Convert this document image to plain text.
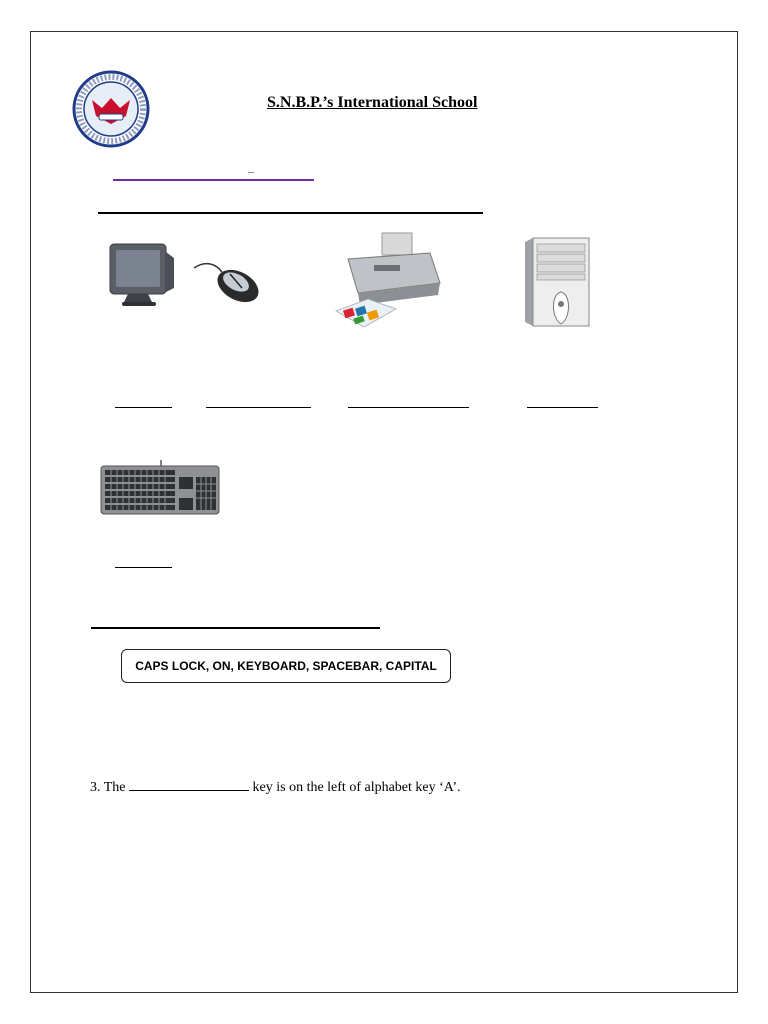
S.N.B.P.’s International School
_
CAPS LOCK, ON, KEYBOARD, SPACEBAR, CAPITAL
3. The	key is on the left of alphabet key ‘A’.
